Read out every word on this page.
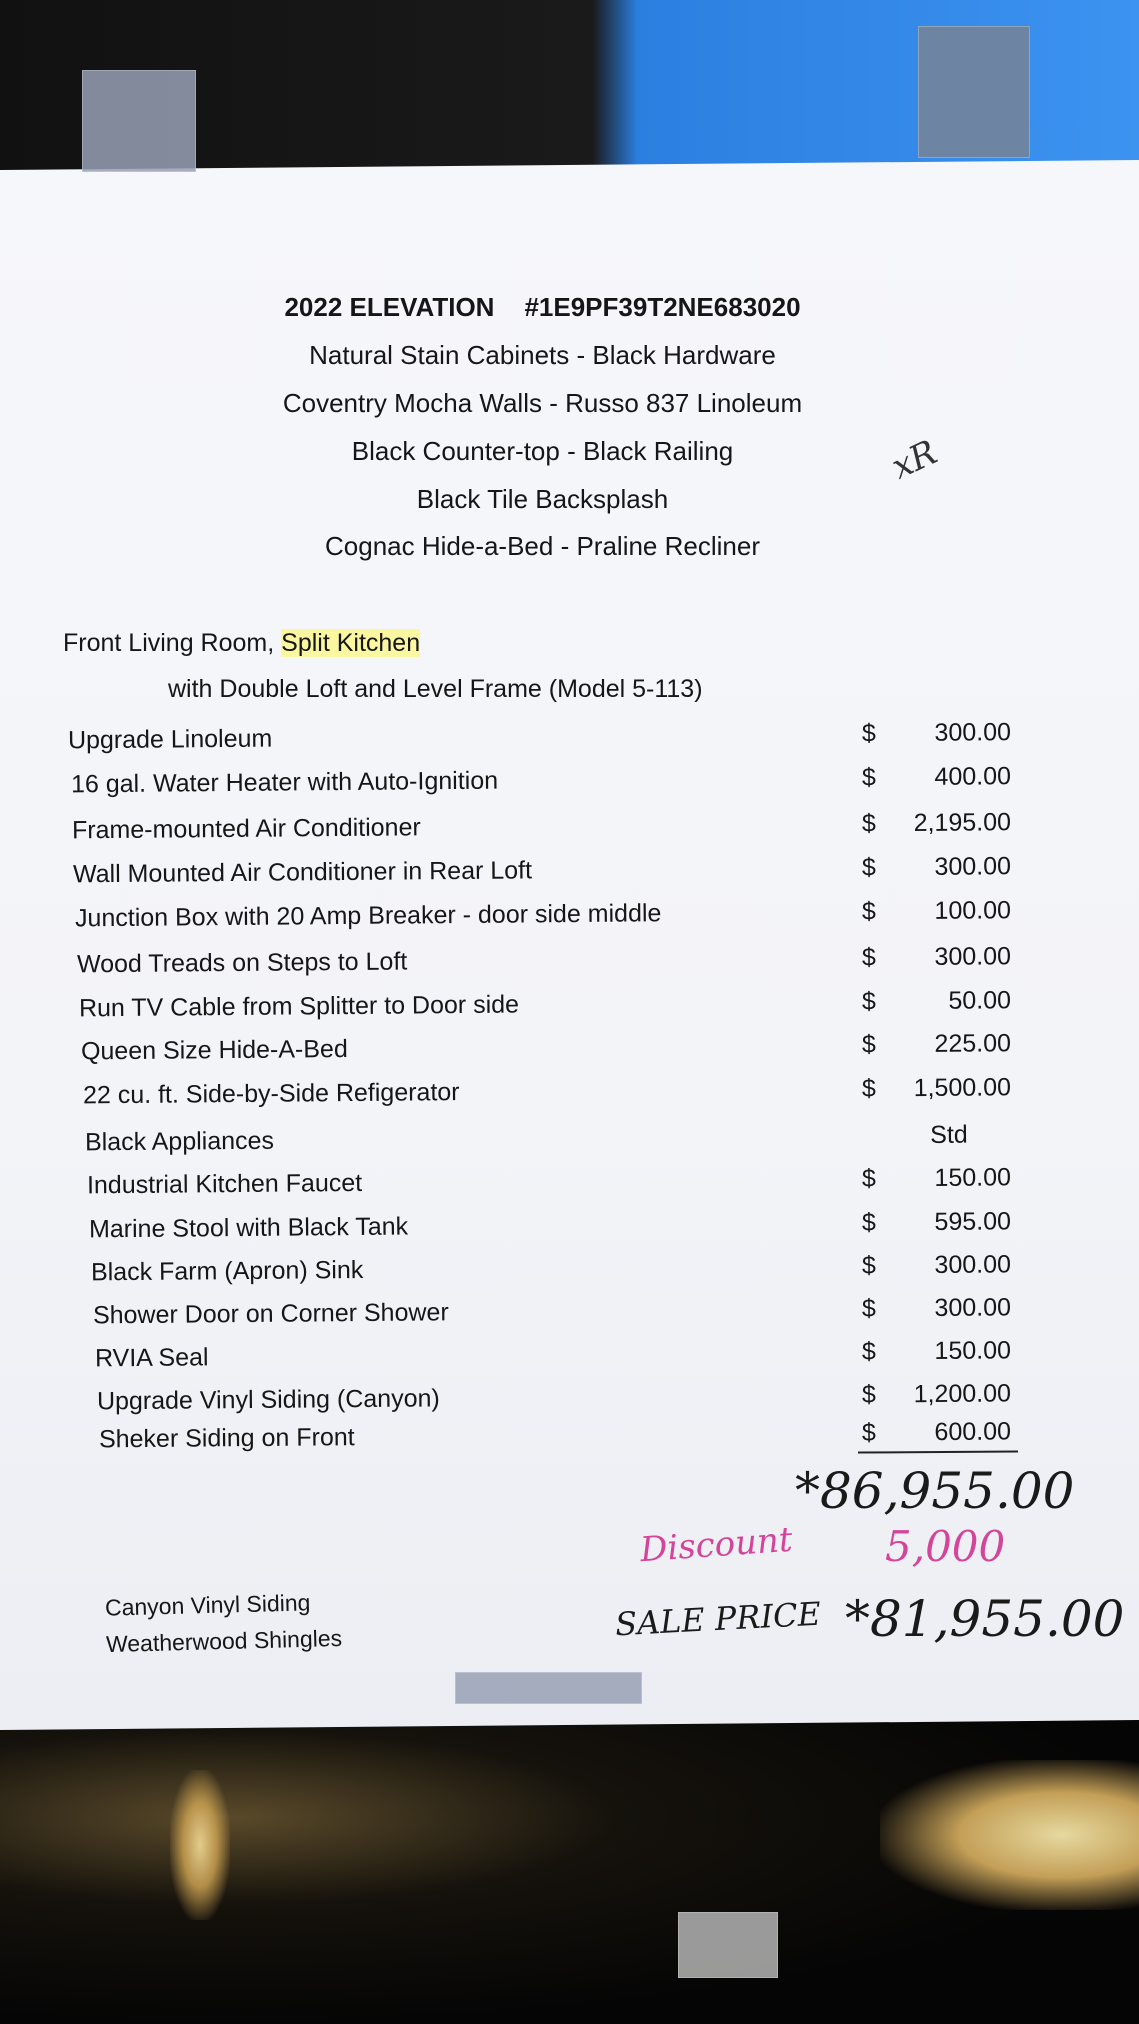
2022 ELEVATION #1E9PF39T2NE683020
Natural Stain Cabinets - Black Hardware
Coventry Mocha Walls - Russo 837 Linoleum
Black Counter-top - Black Railing
Black Tile Backsplash
Cognac Hide-a-Bed - Praline Recliner
Front Living Room, Split Kitchen
with Double Loft and Level Frame (Model 5-113)
Upgrade Linoleum	$	300.00
16 gal. Water Heater with Auto-Ignition	$	400.00
Frame-mounted Air Conditioner	$	2,195.00
Wall Mounted Air Conditioner in Rear Loft	$	300.00
Junction Box with 20 Amp Breaker - door side middle	$	100.00
Wood Treads on Steps to Loft	$	300.00
Run TV Cable from Splitter to Door side	$	50.00
Queen Size Hide-A-Bed	$	225.00
22 cu. ft. Side-by-Side Refigerator	$	1,500.00
Black Appliances	Std
Industrial Kitchen Faucet	$	150.00
Marine Stool with Black Tank	$	595.00
Black Farm (Apron) Sink	$	300.00
Shower Door on Corner Shower	$	300.00
RVIA Seal	$	150.00
Upgrade Vinyl Siding (Canyon)	$	1,200.00
Sheker Siding on Front	$	600.00
xR
*86,955.00
Discount 5,000
SALE PRICE *81,955.00
Canyon Vinyl Siding
Weatherwood Shingles
